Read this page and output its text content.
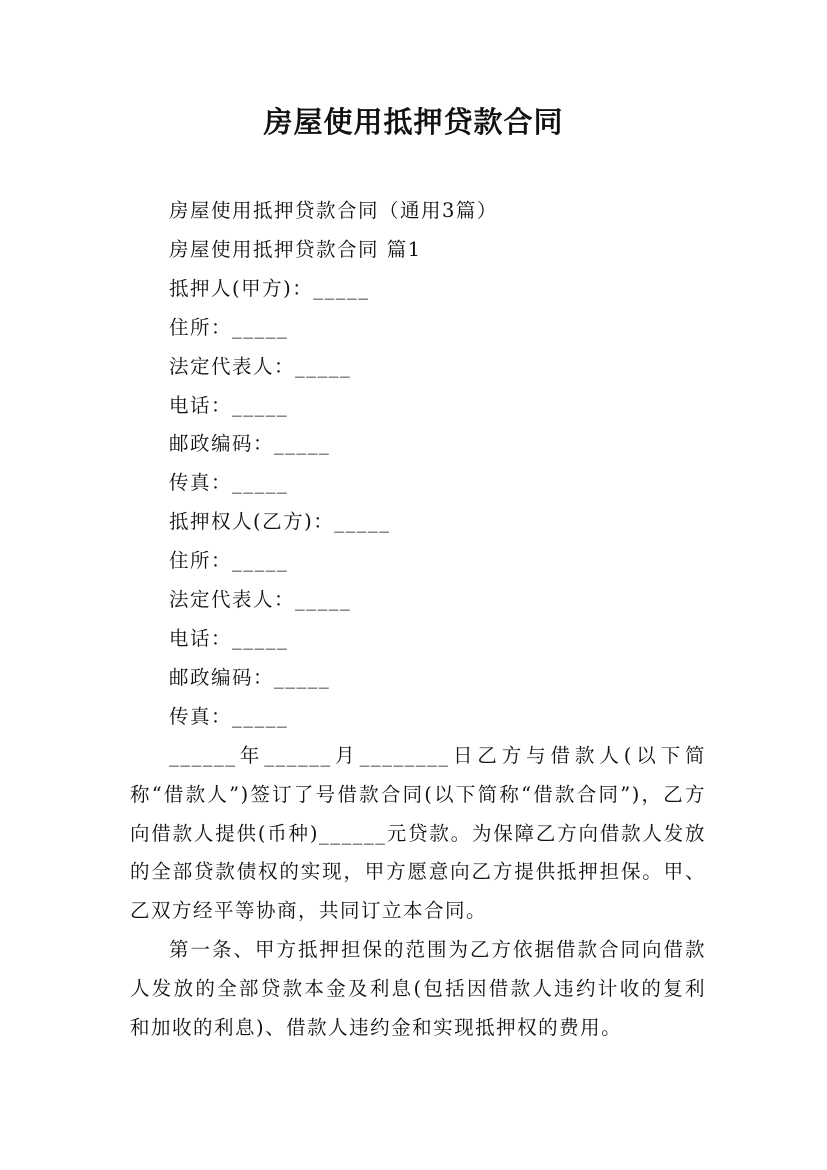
房屋使用抵押贷款合同

房屋使用抵押贷款合同（通用3篇）

房屋使用抵押贷款合同 篇1

抵押人(甲方)：_____

住所：_____

法定代表人：_____

电话：_____

邮政编码：_____

传真：_____

抵押权人(乙方)：_____

住所：_____

法定代表人：_____

电话：_____

邮政编码：_____

传真：_____

______年______月________日乙方与借款人(以下简称“借款人”)签订了号借款合同(以下简称“借款合同”)，乙方向借款人提供(币种)______元贷款。为保障乙方向借款人发放的全部贷款债权的实现，甲方愿意向乙方提供抵押担保。甲、乙双方经平等协商，共同订立本合同。

第一条、甲方抵押担保的范围为乙方依据借款合同向借款人发放的全部贷款本金及利息(包括因借款人违约计收的复利和加收的利息)、借款人违约金和实现抵押权的费用。
